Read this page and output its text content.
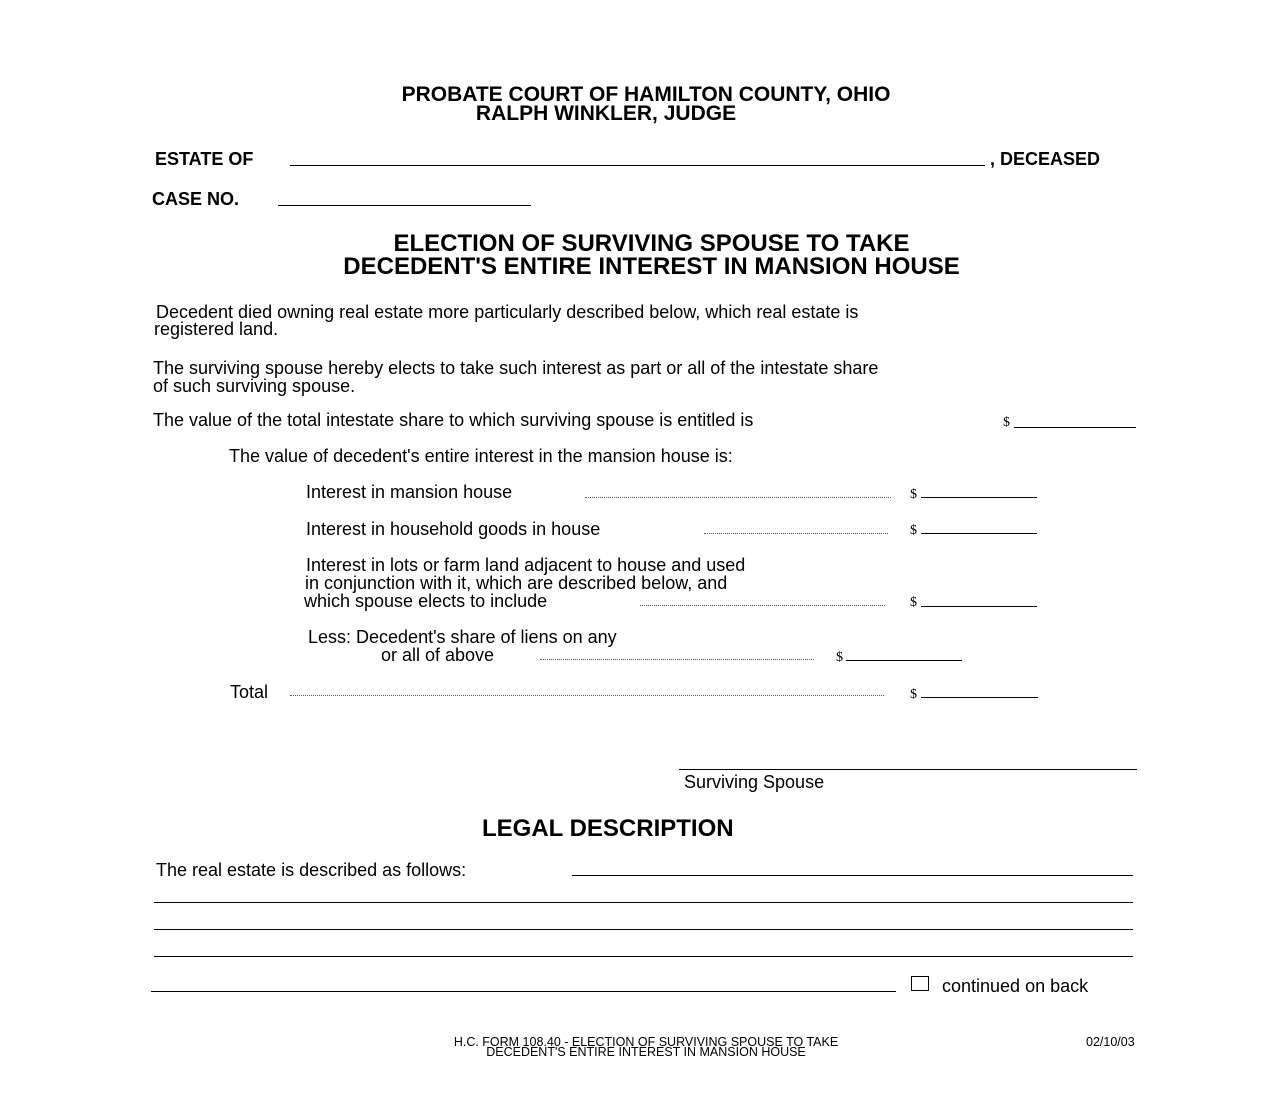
PROBATE COURT OF HAMILTON COUNTY, OHIO
RALPH WINKLER, JUDGE
ESTATE OF	, DECEASED
CASE NO.
ELECTION OF SURVIVING SPOUSE TO TAKE
DECEDENT'S ENTIRE INTEREST IN MANSION HOUSE
Decedent died owning real estate more particularly described below, which real estate is
registered land.
The surviving spouse hereby elects to take such interest as part or all of the intestate share
of such surviving spouse.
The value of the total intestate share to which surviving spouse is entitled is	$
The value of decedent's entire interest in the mansion house is:
Interest in mansion house	$
Interest in household goods in house	$
Interest in lots or farm land adjacent to house and used
in conjunction with it, which are described below, and
which spouse elects to include	$
Less: Decedent's share of liens on any
or all of above	$
Total	$
Surviving Spouse
LEGAL DESCRIPTION
The real estate is described as follows:
continued on back
H.C. FORM 108.40 - ELECTION OF SURVIVING SPOUSE TO TAKE
DECEDENT'S ENTIRE INTEREST IN MANSION HOUSE
02/10/03
